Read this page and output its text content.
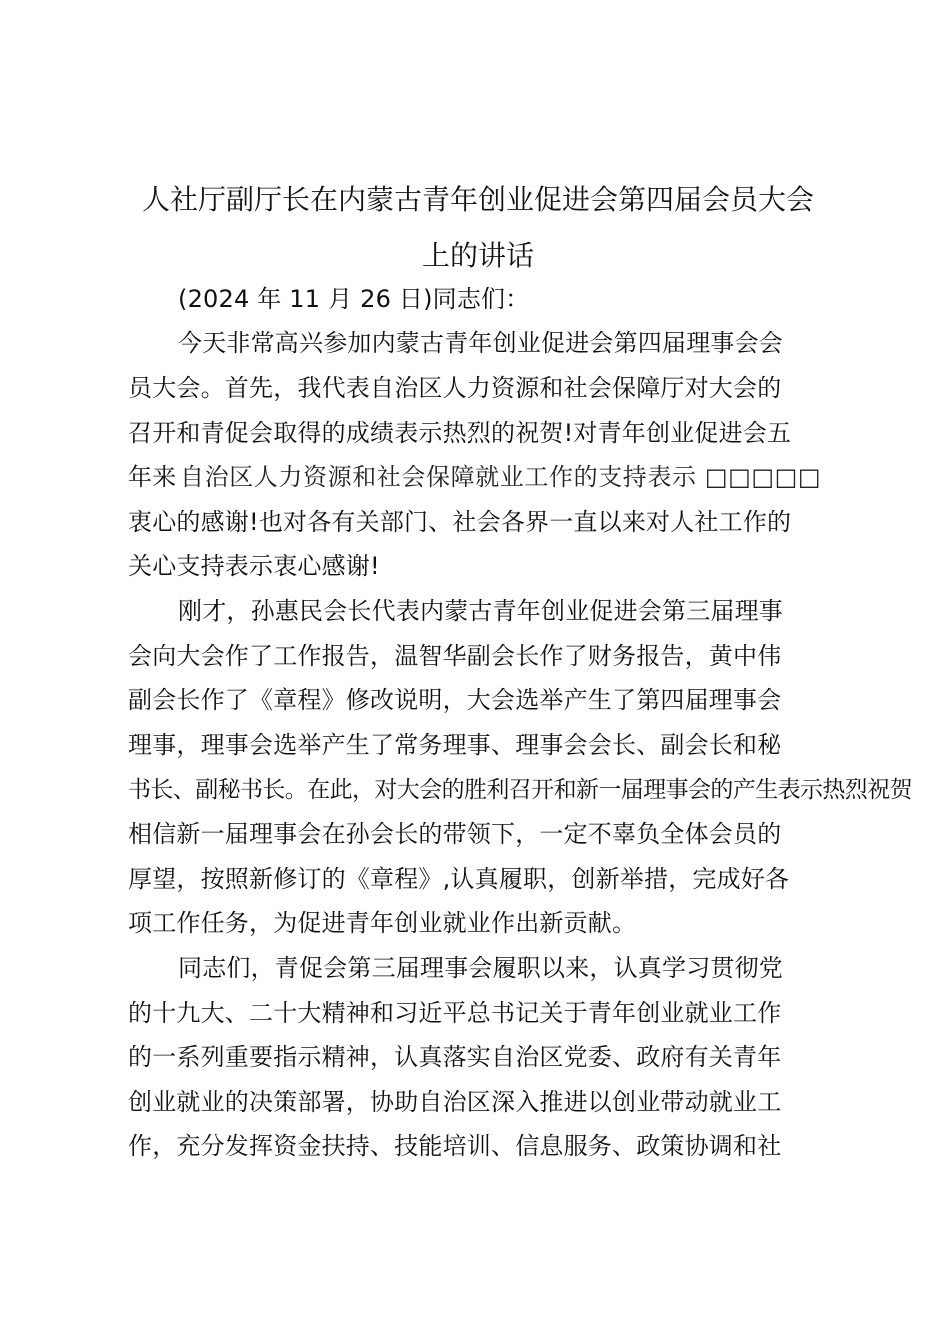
人社厅副厅长在内蒙古青年创业促进会第四届会员大会
上的讲话
(2024 年 11 月 26 日)同志们：
今天非常高兴参加内蒙古青年创业促进会第四届理事会会
员大会。首先，我代表自治区人力资源和社会保障厅对大会的
召开和青促会取得的成绩表示热烈的祝贺!对青年创业促进会五
年来 自治区人力资源和社会保障就业工作的支持表示 □□□□□
衷心的感谢!也对各有关部门、社会各界一直以来对人社工作的
关心支持表示衷心感谢!
刚才，孙惠民会长代表内蒙古青年创业促进会第三届理事
会向大会作了工作报告，温智华副会长作了财务报告，黄中伟
副会长作了《章程》修改说明，大会选举产生了第四届理事会
理事，理事会选举产生了常务理事、理事会会长、副会长和秘
书长、副秘书长。在此，对大会的胜利召开和新一届理事会的产生表示热烈祝贺
相信新一届理事会在孙会长的带领下，一定不辜负全体会员的
厚望，按照新修订的《章程》,认真履职，创新举措，完成好各
项工作任务，为促进青年创业就业作出新贡献。
同志们，青促会第三届理事会履职以来，认真学习贯彻党
的十九大、二十大精神和习近平总书记关于青年创业就业工作
的一系列重要指示精神，认真落实自治区党委、政府有关青年
创业就业的决策部署，协助自治区深入推进以创业带动就业工
作，充分发挥资金扶持、技能培训、信息服务、政策协调和社
